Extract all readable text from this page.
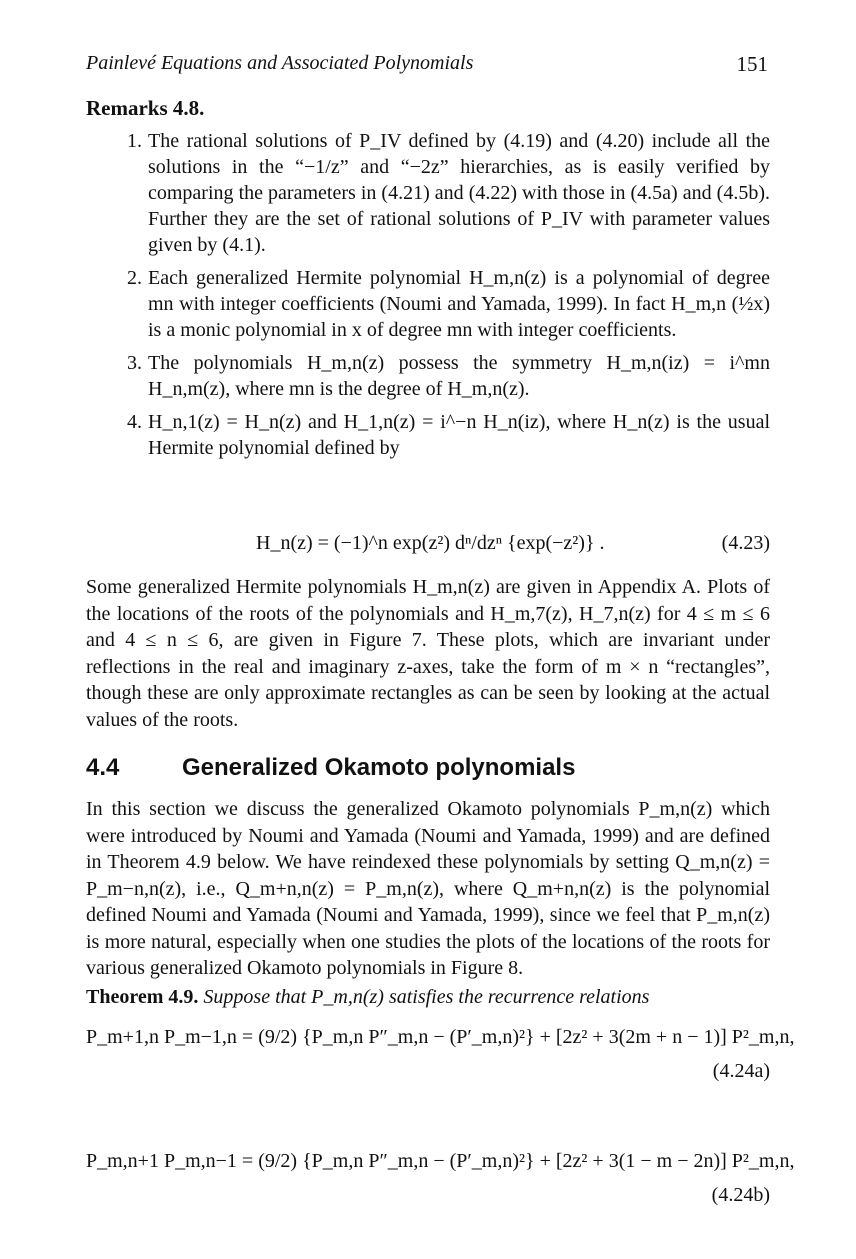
Painlevé Equations and Associated Polynomials	151
Remarks 4.8.
1. The rational solutions of P_IV defined by (4.19) and (4.20) include all the solutions in the “−1/z” and “−2z” hierarchies, as is easily verified by comparing the parameters in (4.21) and (4.22) with those in (4.5a) and (4.5b). Further they are the set of rational solutions of P_IV with parameter values given by (4.1).
2. Each generalized Hermite polynomial H_m,n(z) is a polynomial of degree mn with integer coefficients (Noumi and Yamada, 1999). In fact H_m,n (½x) is a monic polynomial in x of degree mn with integer coefficients.
3. The polynomials H_m,n(z) possess the symmetry H_m,n(iz) = i^mn H_n,m(z), where mn is the degree of H_m,n(z).
4. H_n,1(z) = H_n(z) and H_1,n(z) = i^−n H_n(iz), where H_n(z) is the usual Hermite polynomial defined by
H_n(z) = (−1)^n exp(z²) dⁿ/dzⁿ {exp(−z²)} .	(4.23)
Some generalized Hermite polynomials H_m,n(z) are given in Appendix A. Plots of the locations of the roots of the polynomials and H_m,7(z), H_7,n(z) for 4 ≤ m ≤ 6 and 4 ≤ n ≤ 6, are given in Figure 7. These plots, which are invariant under reflections in the real and imaginary z-axes, take the form of m × n “rectangles”, though these are only approximate rectangles as can be seen by looking at the actual values of the roots.
4.4	Generalized Okamoto polynomials
In this section we discuss the generalized Okamoto polynomials P_m,n(z) which were introduced by Noumi and Yamada (Noumi and Yamada, 1999) and are defined in Theorem 4.9 below. We have reindexed these polynomials by setting Q_m,n(z) = P_m−n,n(z), i.e., Q_m+n,n(z) = P_m,n(z), where Q_m+n,n(z) is the polynomial defined Noumi and Yamada (Noumi and Yamada, 1999), since we feel that P_m,n(z) is more natural, especially when one studies the plots of the locations of the roots for various generalized Okamoto polynomials in Figure 8.
Theorem 4.9. Suppose that P_m,n(z) satisfies the recurrence relations
P_m+1,n P_m−1,n = (9/2) {P_m,n P″_m,n − (P′_m,n)²} + [2z² + 3(2m + n − 1)] P²_m,n,
(4.24a)
P_m,n+1 P_m,n−1 = (9/2) {P_m,n P″_m,n − (P′_m,n)²} + [2z² + 3(1 − m − 2n)] P²_m,n,
(4.24b)
